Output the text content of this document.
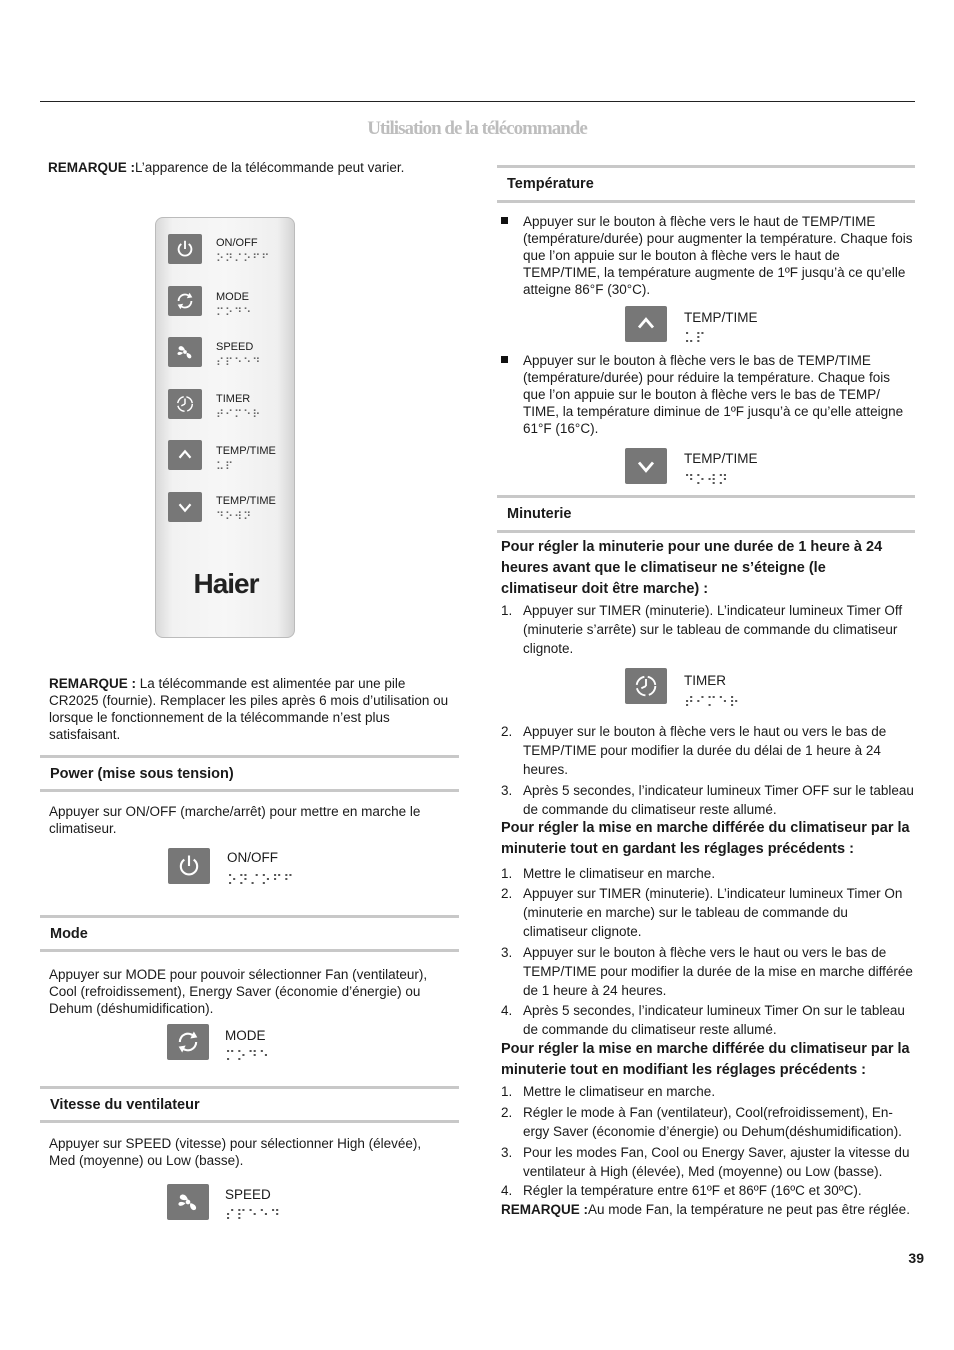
Utilisation de la télécommande
REMARQUE :L’apparence de la télécommande peut varier.
ON/OFF
⠕⠝⠌⠕⠋⠋
MODE
⠍⠕⠙⠑
SPEED
⠎⠏⠑⠑⠙
TIMER
⠞⠊⠍⠑⠗
TEMP/TIME
⠥⠏
TEMP/TIME
⠙⠕⠺⠝
Haier
REMARQUE : La télécommande est alimentée par une pile CR2025 (fournie). Remplacer les piles après 6 mois d’utilisation ou lorsque le fonctionnement de la télécommande n’est plus satisfaisant.
Power (mise sous tension)
Appuyer sur ON/OFF (marche/arrêt) pour mettre en marche le climatiseur.
ON/OFF
⠕⠝⠌⠕⠋⠋
Mode
Appuyer sur MODE pour pouvoir sélectionner Fan (ventilateur), Cool (refroidissement), Energy Saver (économie d’énergie) ou Dehum (déshumidification).
MODE
⠍⠕⠙⠑
Vitesse du ventilateur
Appuyer sur SPEED (vitesse) pour sélectionner High (élevée), Med (moyenne) ou Low (basse).
SPEED
⠎⠏⠑⠑⠙
Température
Appuyer sur le bouton à flèche vers le haut de TEMP/TIME (température/durée) pour augmenter la température. Chaque fois que l’on appuie sur le bouton à flèche vers le haut de TEMP/TIME, la température augmente de 1ºF jusqu’à ce qu’elle atteigne 86°F (30°C).
TEMP/TIME
⠥⠏
Appuyer sur le bouton à flèche vers le bas de TEMP/TIME (température/durée) pour réduire la température. Chaque fois que l’on appuie sur le bouton à flèche vers le bas de TEMP/ TIME, la température diminue de 1ºF jusqu’à ce qu’elle atteigne 61°F (16°C).
TEMP/TIME
⠙⠕⠺⠝
Minuterie
Pour régler la minuterie pour une durée de 1 heure à 24 heures avant que le climatiseur ne s’éteigne (le climatiseur doit être marche) :
1. Appuyer sur TIMER (minuterie). L’indicateur lumineux Timer Off (minuterie s’arrête) sur le tableau de commande du climatiseur clignote.
TIMER
⠞⠊⠍⠑⠗
2. Appuyer sur le bouton à flèche vers le haut ou vers le bas de TEMP/TIME pour modifier la durée du délai de 1 heure à 24 heures.
3. Après 5 secondes, l’indicateur lumineux Timer OFF sur le tableau de commande du climatiseur reste allumé.
Pour régler la mise en marche différée du climatiseur par la minuterie tout en gardant les réglages précédents :
1. Mettre le climatiseur en marche.
2. Appuyer sur TIMER (minuterie). L’indicateur lumineux Timer On (minuterie en marche) sur le tableau de commande du climatiseur clignote.
3. Appuyer sur le bouton à flèche vers le haut ou vers le bas de TEMP/TIME pour modifier la durée de la mise en marche différée de 1 heure à 24 heures.
4. Après 5 secondes, l’indicateur lumineux Timer On sur le tableau de commande du climatiseur reste allumé.
Pour régler la mise en marche différée du climatiseur par la minuterie tout en modifiant les réglages précédents :
1. Mettre le climatiseur en marche.
2. Régler le mode à Fan (ventilateur), Cool(refroidissement), En-ergy Saver (économie d’énergie) ou Dehum(déshumidification).
3. Pour les modes Fan, Cool ou Energy Saver, ajuster la vitesse du ventilateur à High (élevée), Med (moyenne) ou Low (basse).
4. Régler la température entre 61ºF et 86ºF (16ºC et 30ºC).
REMARQUE :Au mode Fan, la température ne peut pas être réglée.
39
